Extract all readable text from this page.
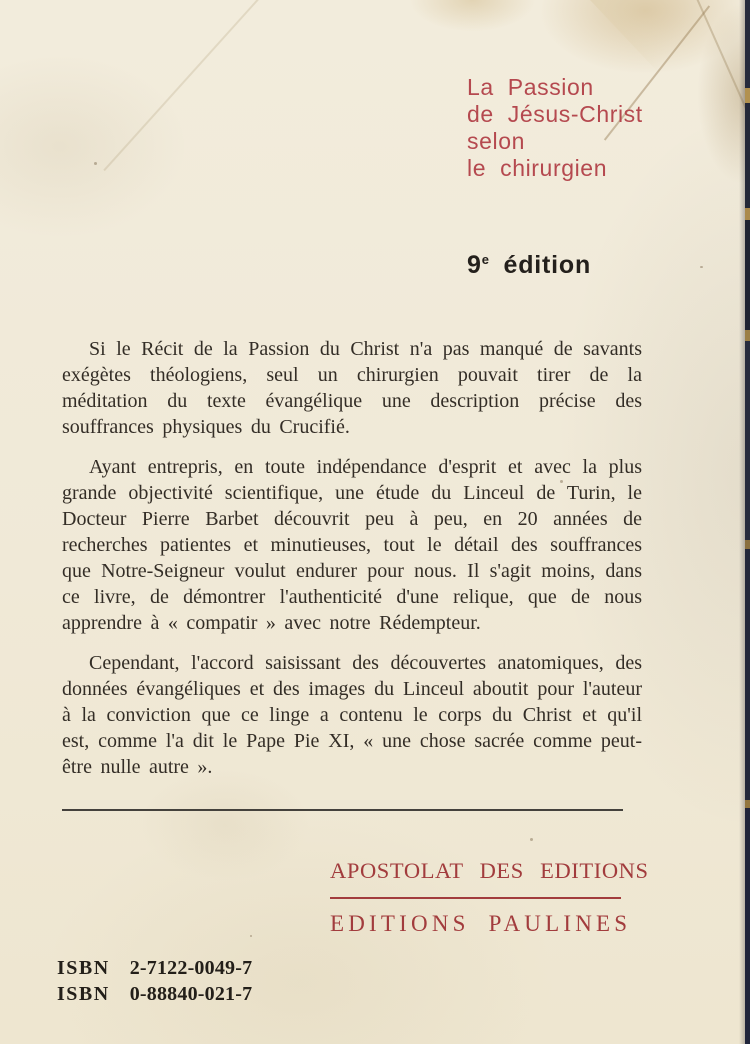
La Passion
de Jésus-Christ
selon
le chirurgien
9e édition

Si le Récit de la Passion du Christ n'a pas manqué de savants exégètes théologiens, seul un chirurgien pouvait tirer de la méditation du texte évangélique une description précise des souffrances physiques du Crucifié.

Ayant entrepris, en toute indépendance d'esprit et avec la plus grande objectivité scientifique, une étude du Linceul de Turin, le Docteur Pierre Barbet découvrit peu à peu, en 20 années de recherches patientes et minutieuses, tout le détail des souffrances que Notre-Seigneur voulut endurer pour nous. Il s'agit moins, dans ce livre, de démontrer l'authenticité d'une relique, que de nous apprendre à « compatir » avec notre Rédempteur.

Cependant, l'accord saisissant des découvertes anatomiques, des données évangéliques et des images du Linceul aboutit pour l'auteur à la conviction que ce linge a contenu le corps du Christ et qu'il est, comme l'a dit le Pape Pie XI, « une chose sacrée comme peut-être nulle autre ».

APOSTOLAT DES EDITIONS
EDITIONS PAULINES
ISBN 2-7122-0049-7
ISBN 0-88840-021-7
